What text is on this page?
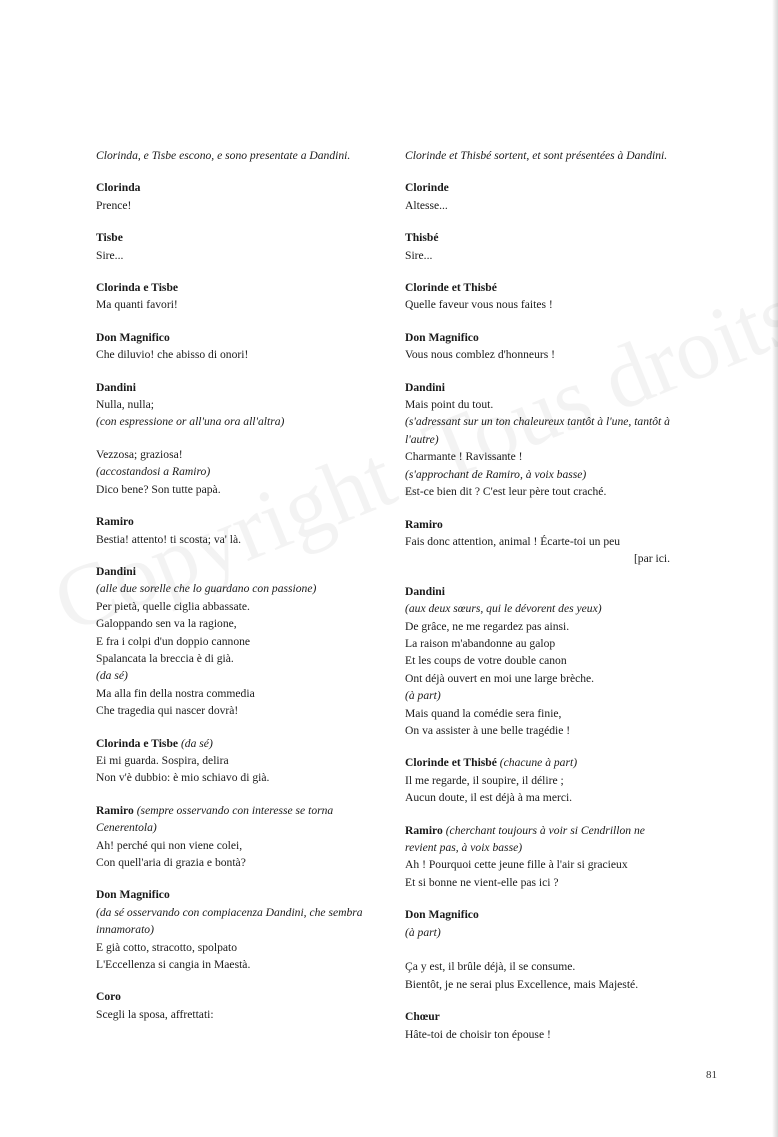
Clorinda, e Tisbe escono, e sono presentate a Dandini.
Clorinda
Prence!
Tisbe
Sire...
Clorinda e Tisbe
Ma quanti favori!
Don Magnifico
Che diluvio! che abisso di onori!
Dandini
Nulla, nulla;
(con espressione or all'una ora all'altra)
Vezzosa; graziosa!
(accostandosi a Ramiro)
Dico bene? Son tutte papà.
Ramiro
Bestia! attento! ti scosta; va' là.
Dandini
(alle due sorelle che lo guardano con passione)
Per pietà, quelle ciglia abbassate.
Galoppando sen va la ragione,
E fra i colpi d'un doppio cannone
Spalancata la breccia è di già.
(da sé)
Ma alla fin della nostra commedia
Che tragedia qui nascer dovrà!
Clorinda e Tisbe (da sé)
Ei mi guarda. Sospira, delira
Non v'è dubbio: è mio schiavo di già.
Ramiro (sempre osservando con interesse se torna Cenerentola)
Ah! perché qui non viene colei,
Con quell'aria di grazia e bontà?
Don Magnifico
(da sé osservando con compiacenza Dandini, che sembra innamorato)
E già cotto, stracotto, spolpato
L'Eccellenza si cangia in Maestà.
Coro
Scegli la sposa, affrettati:
Clorinde et Thisbé sortent, et sont présentées à Dandini.
Clorinde
Altesse...
Thisbé
Sire...
Clorinde et Thisbé
Quelle faveur vous nous faites !
Don Magnifico
Vous nous comblez d'honneurs !
Dandini
Mais point du tout.
(s'adressant sur un ton chaleureux tantôt à l'une, tantôt à l'autre)
Charmante ! Ravissante !
(s'approchant de Ramiro, à voix basse)
Est-ce bien dit ? C'est leur père tout craché.
Ramiro
Fais donc attention, animal ! Écarte-toi un peu
[par ici.
Dandini
(aux deux sœurs, qui le dévorent des yeux)
De grâce, ne me regardez pas ainsi.
La raison m'abandonne au galop
Et les coups de votre double canon
Ont déjà ouvert en moi une large brèche.
(à part)
Mais quand la comédie sera finie,
On va assister à une belle tragédie !
Clorinde et Thisbé (chacune à part)
Il me regarde, il soupire, il délire ;
Aucun doute, il est déjà à ma merci.
Ramiro (cherchant toujours à voir si Cendrillon ne revient pas, à voix basse)
Ah ! Pourquoi cette jeune fille à l'air si gracieux
Et si bonne ne vient-elle pas ici ?
Don Magnifico
(à part)
Ça y est, il brûle déjà, il se consume.
Bientôt, je ne serai plus Excellence, mais Majesté.
Chœur
Hâte-toi de choisir ton épouse !
81
